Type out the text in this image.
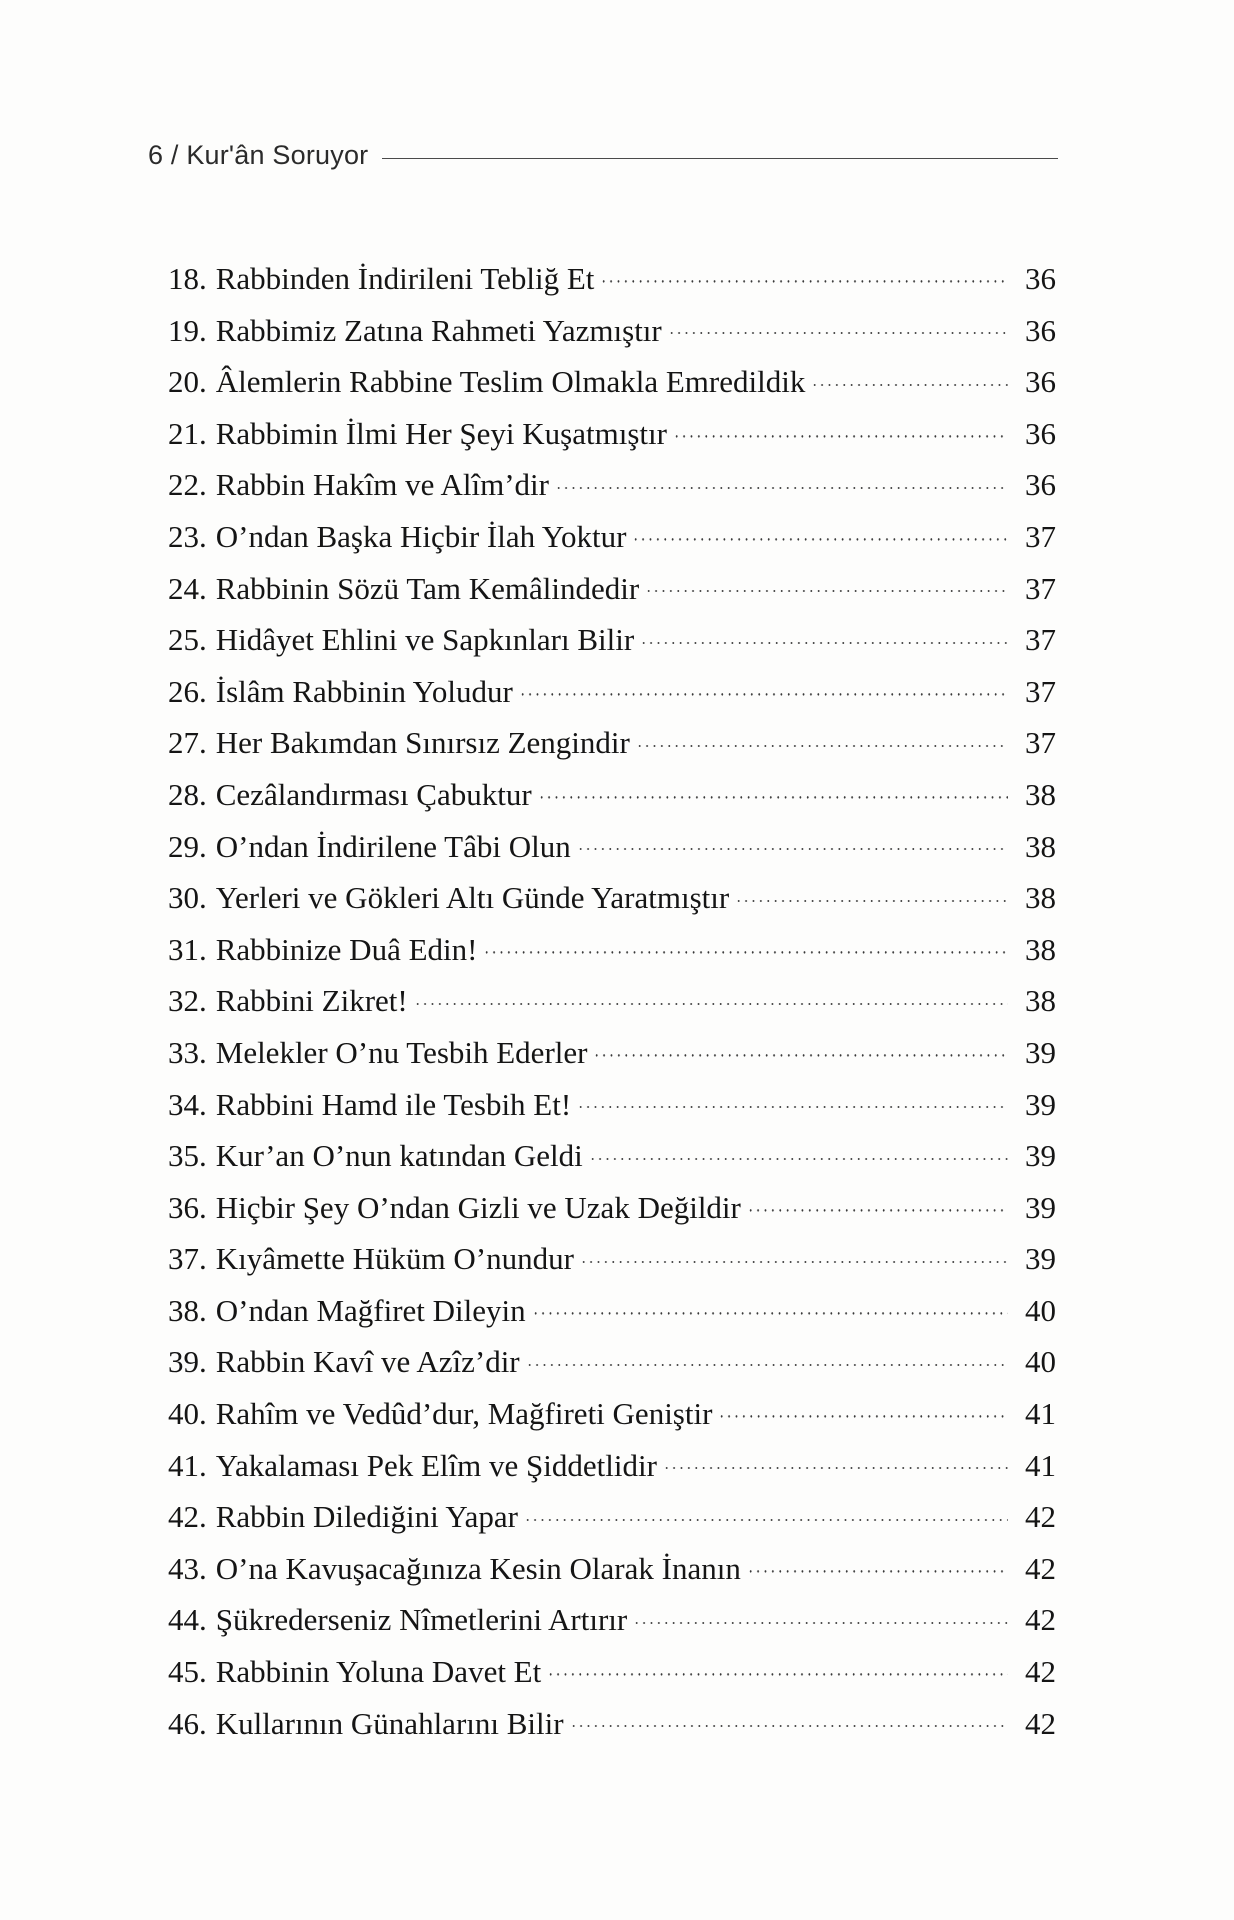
6 / Kur'ân Soruyor
18. Rabbinden İndirileni Tebliğ Et	36
19. Rabbimiz Zatına Rahmeti Yazmıştır	36
20. Âlemlerin Rabbine Teslim Olmakla Emredildik	36
21. Rabbimin İlmi Her Şeyi Kuşatmıştır	36
22. Rabbin Hakîm ve Alîm’dir	36
23. O’ndan Başka Hiçbir İlah Yoktur	37
24. Rabbinin Sözü Tam Kemâlindedir	37
25. Hidâyet Ehlini ve Sapkınları Bilir	37
26. İslâm Rabbinin Yoludur	37
27. Her Bakımdan Sınırsız Zengindir	37
28. Cezâlandırması Çabuktur	38
29. O’ndan İndirilene Tâbi Olun	38
30. Yerleri ve Gökleri Altı Günde Yaratmıştır	38
31. Rabbinize Duâ Edin!	38
32. Rabbini Zikret!	38
33. Melekler O’nu Tesbih Ederler	39
34. Rabbini Hamd ile Tesbih Et!	39
35. Kur’an O’nun katından Geldi	39
36. Hiçbir Şey O’ndan Gizli ve Uzak Değildir	39
37. Kıyâmette Hüküm O’nundur	39
38. O’ndan Mağfiret Dileyin	40
39. Rabbin Kavî ve Azîz’dir	40
40. Rahîm ve Vedûd’dur, Mağfireti Geniştir	41
41. Yakalaması Pek Elîm ve Şiddetlidir	41
42. Rabbin Dilediğini Yapar	42
43. O’na Kavuşacağınıza Kesin Olarak İnanın	42
44. Şükrederseniz Nîmetlerini Artırır	42
45. Rabbinin Yoluna Davet Et	42
46. Kullarının Günahlarını Bilir	42
